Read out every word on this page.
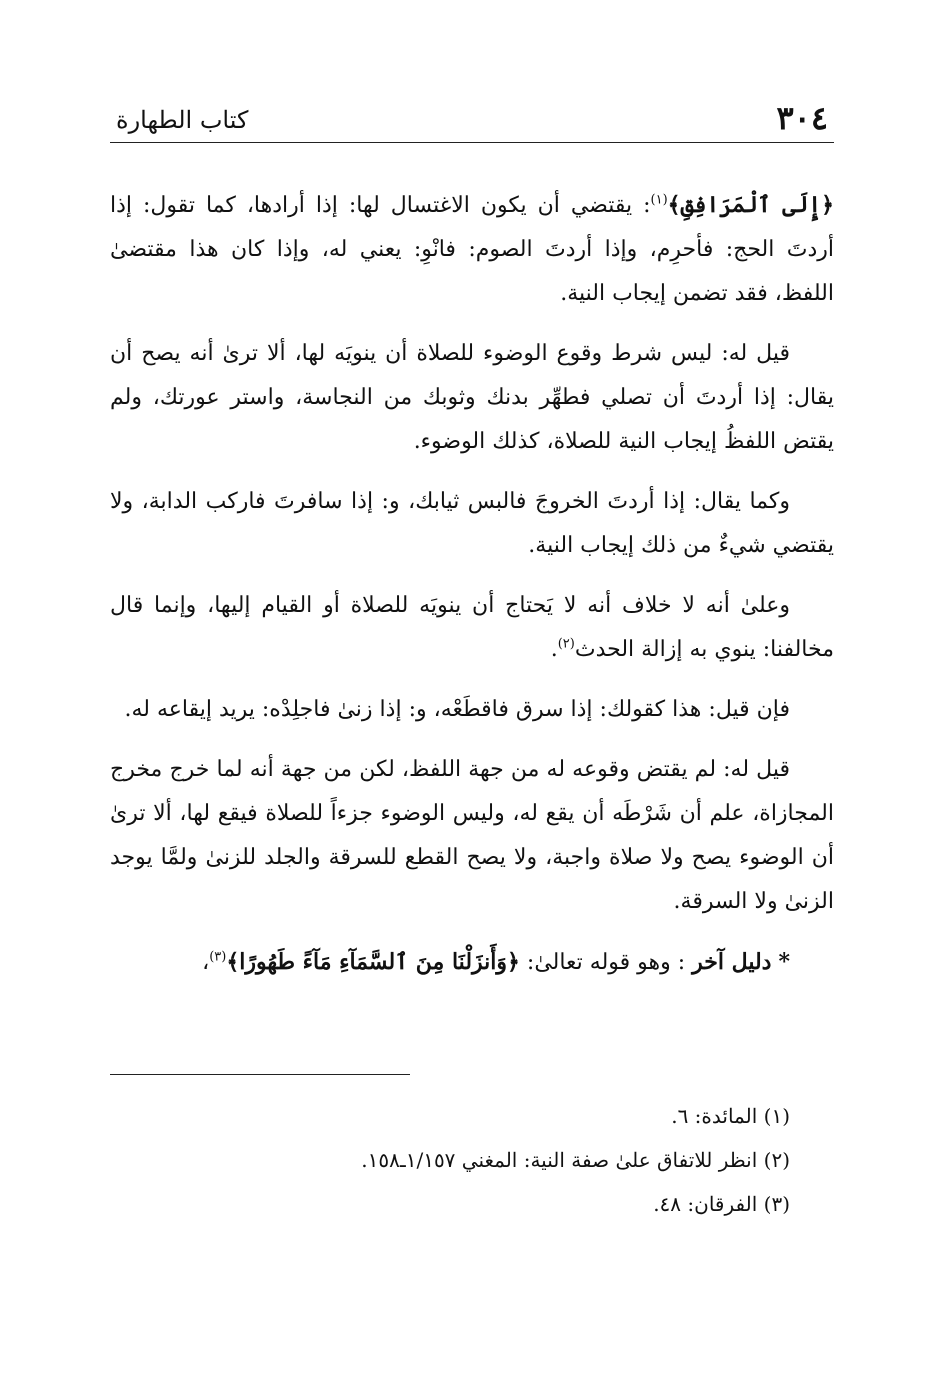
٣٠٤
كتاب الطهارة

﴿إِلَى ٱلْمَرَافِقِ﴾$^{(١)}$: يقتضي أن يكون الاغتسال لها: إذا أرادها، كما تقول: إذا أردتَ الحج: فأحرِم، وإذا أردتَ الصوم: فانْوِ: يعني له، وإذا كان هذا مقتضىٰ اللفظ، فقد تضمن إيجاب النية.

قيل له: ليس شرط وقوع الوضوء للصلاة أن ينويَه لها، ألا ترىٰ أنه يصح أن يقال: إذا أردتَ أن تصلي فطهِّر بدنك وثوبك من النجاسة، واستر عورتك، ولم يقتض اللفظُ إيجاب النية للصلاة، كذلك الوضوء.

وكما يقال: إذا أردتَ الخروجَ فالبس ثيابك، و: إذا سافرتَ فاركب الدابة، ولا يقتضي شيءٌ من ذلك إيجاب النية.

وعلىٰ أنه لا خلاف أنه لا يَحتاج أن ينويَه للصلاة أو القيام إليها، وإنما قال مخالفنا: ينوي به إزالة الحدث$^{(٢)}$.

فإن قيل: هذا كقولك: إذا سرق فاقطَعْه، و: إذا زنىٰ فاجلِدْه: يريد إيقاعه له.

قيل له: لم يقتض وقوعه له من جهة اللفظ، لكن من جهة أنه لما خرج مخرج المجازاة، علم أن شَرْطَه أن يقع له، وليس الوضوء جزءاً للصلاة فيقع لها، ألا ترىٰ أن الوضوء يصح ولا صلاة واجبة، ولا يصح القطع للسرقة والجلد للزنىٰ ولمَّا يوجد الزنىٰ ولا السرقة.

* دليل آخر : وهو قوله تعالىٰ: ﴿وَأَنزَلْنَا مِنَ ٱلسَّمَآءِ مَآءً طَهُورًا﴾$^{(٣)}$،

(١) المائدة: ٦.
(٢) انظر للاتفاق علىٰ صفة النية: المغني ١/١٥٧ـ١٥٨.
(٣) الفرقان: ٤٨.
